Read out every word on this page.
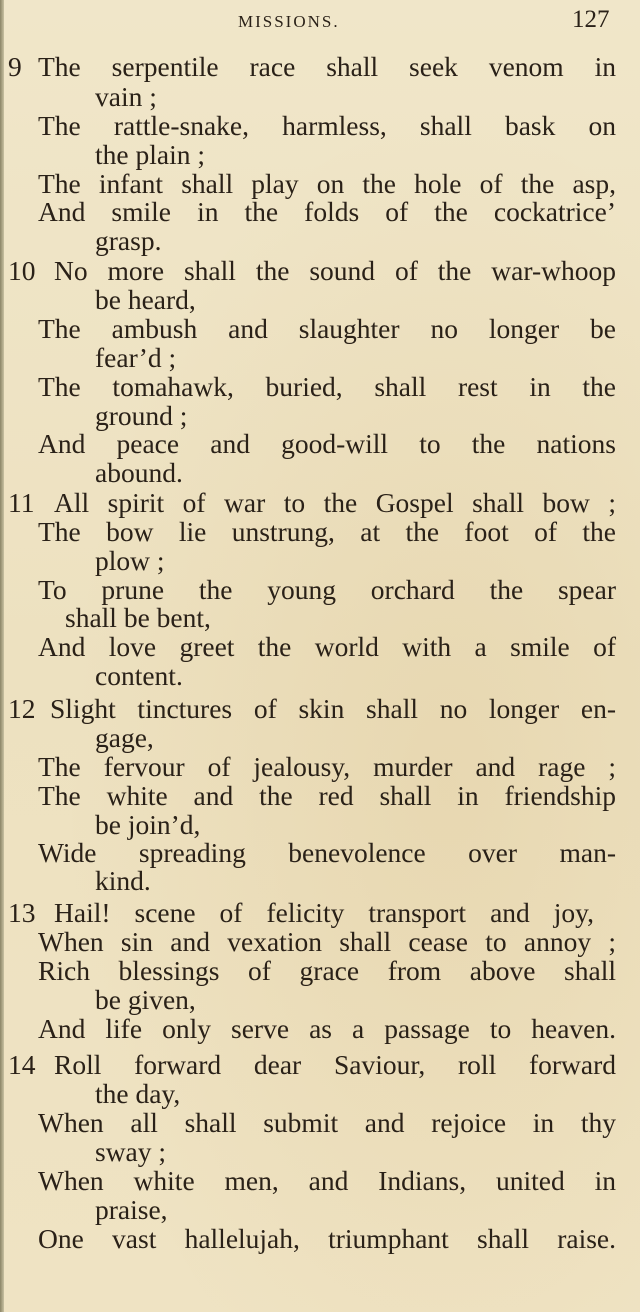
MISSIONS.	127
9 The serpentile race shall seek venom in
vain ;
The rattle-snake, harmless, shall bask on
the plain ;
The infant shall play on the hole of the asp,
And smile in the folds of the cockatrice’
grasp.
10 No more shall the sound of the war-whoop
be heard,
The ambush and slaughter no longer be
fear’d ;
The tomahawk, buried, shall rest in the
ground ;
And peace and good-will to the nations
abound.
11 All spirit of war to the Gospel shall bow ;
The bow lie unstrung, at the foot of the
plow ;
To prune the young orchard the spear
shall be bent,
And love greet the world with a smile of
content.
12 Slight tinctures of skin shall no longer en-
gage,
The fervour of jealousy, murder and rage ;
The white and the red shall in friendship
be join’d,
Wide spreading benevolence over man-
kind.
13 Hail! scene of felicity transport and joy,
When sin and vexation shall cease to annoy ;
Rich blessings of grace from above shall
be given,
And life only serve as a passage to heaven.
14 Roll forward dear Saviour, roll forward
the day,
When all shall submit and rejoice in thy
sway ;
When white men, and Indians, united in
praise,
One vast hallelujah, triumphant shall raise.
